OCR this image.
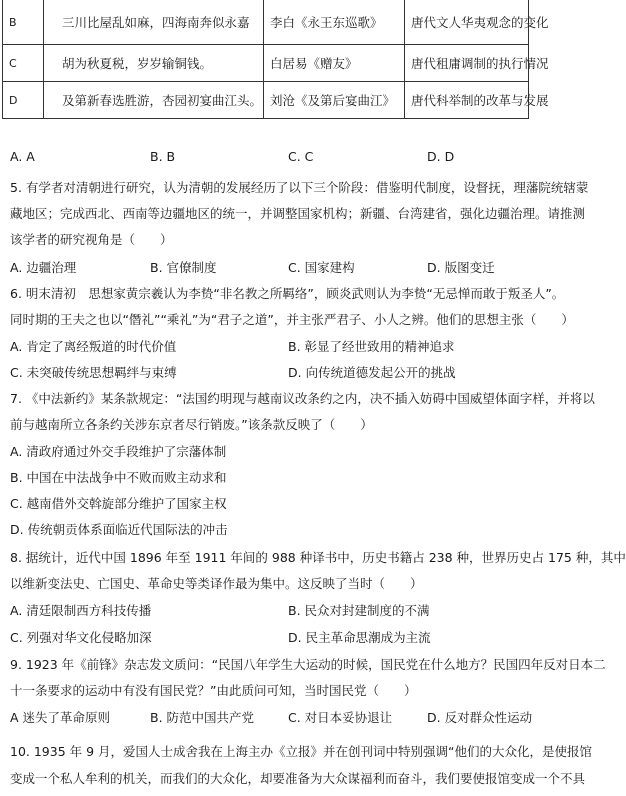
B	三川比屋乱如麻，四海南奔似永嘉	李白《永王东巡歌》	唐代文人华夷观念的变化
C	胡为秋夏税，岁岁输铜钱。	白居易《赠友》	唐代租庸调制的执行情况
D	及第新春选胜游，杏园初宴曲江头。	刘沧《及第后宴曲江》	唐代科举制的改革与发展
A. A	B. B	C. C	D. D
5. 有学者对清朝进行研究，认为清朝的发展经历了以下三个阶段：借鉴明代制度，设督抚，理藩院统辖蒙
藏地区；完成西北、西南等边疆地区的统一，并调整国家机构；新疆、台湾建省，强化边疆治理。请推测
该学者的研究视角是（　　）
A. 边疆治理	B. 官僚制度	C. 国家建构	D. 版图变迁
6. 明末清初　思想家黄宗羲认为李贽“非名教之所羁络”，顾炎武则认为李贽“无忌惮而敢于叛圣人”。
同时期的王夫之也以“僭礼”“乘礼”为“君子之道”，并主张严君子、小人之辨。他们的思想主张（　　）
A. 肯定了离经叛道的时代价值	B. 彰显了经世致用的精神追求
C. 未突破传统思想羁绊与束缚	D. 向传统道德发起公开的挑战
7. 《中法新约》某条款规定：“法国约明现与越南议改条约之内，决不插入妨碍中国威望体面字样，并将以
前与越南所立各条约关涉东京者尽行销废。”该条款反映了（　　）
A. 清政府通过外交手段维护了宗藩体制
B. 中国在中法战争中不败而败主动求和
C. 越南借外交斡旋部分维护了国家主权
D. 传统朝贡体系面临近代国际法的冲击
8. 据统计，近代中国 1896 年至 1911 年间的 988 种译书中，历史书籍占 238 种，世界历史占 175 种，其中
以维新变法史、亡国史、革命史等类译作最为集中。这反映了当时（　　）
A. 清廷限制西方科技传播	B. 民众对封建制度的不满
C. 列强对华文化侵略加深	D. 民主革命思潮成为主流
9. 1923 年《前锋》杂志发文质问：“民国八年学生大运动的时候，国民党在什么地方？民国四年反对日本二
十一条要求的运动中有没有国民党？”由此质问可知，当时国民党（　　）
A 迷失了革命原则	B. 防范中国共产党	C. 对日本妥协退让	D. 反对群众性运动
10. 1935 年 9 月，爱国人士成舍我在上海主办《立报》并在创刊词中特别强调“他们的大众化，是使报馆
变成一个私人牟利的机关，而我们的大众化，却要准备为大众谋福利而奋斗，我们要使报馆变成一个不具
